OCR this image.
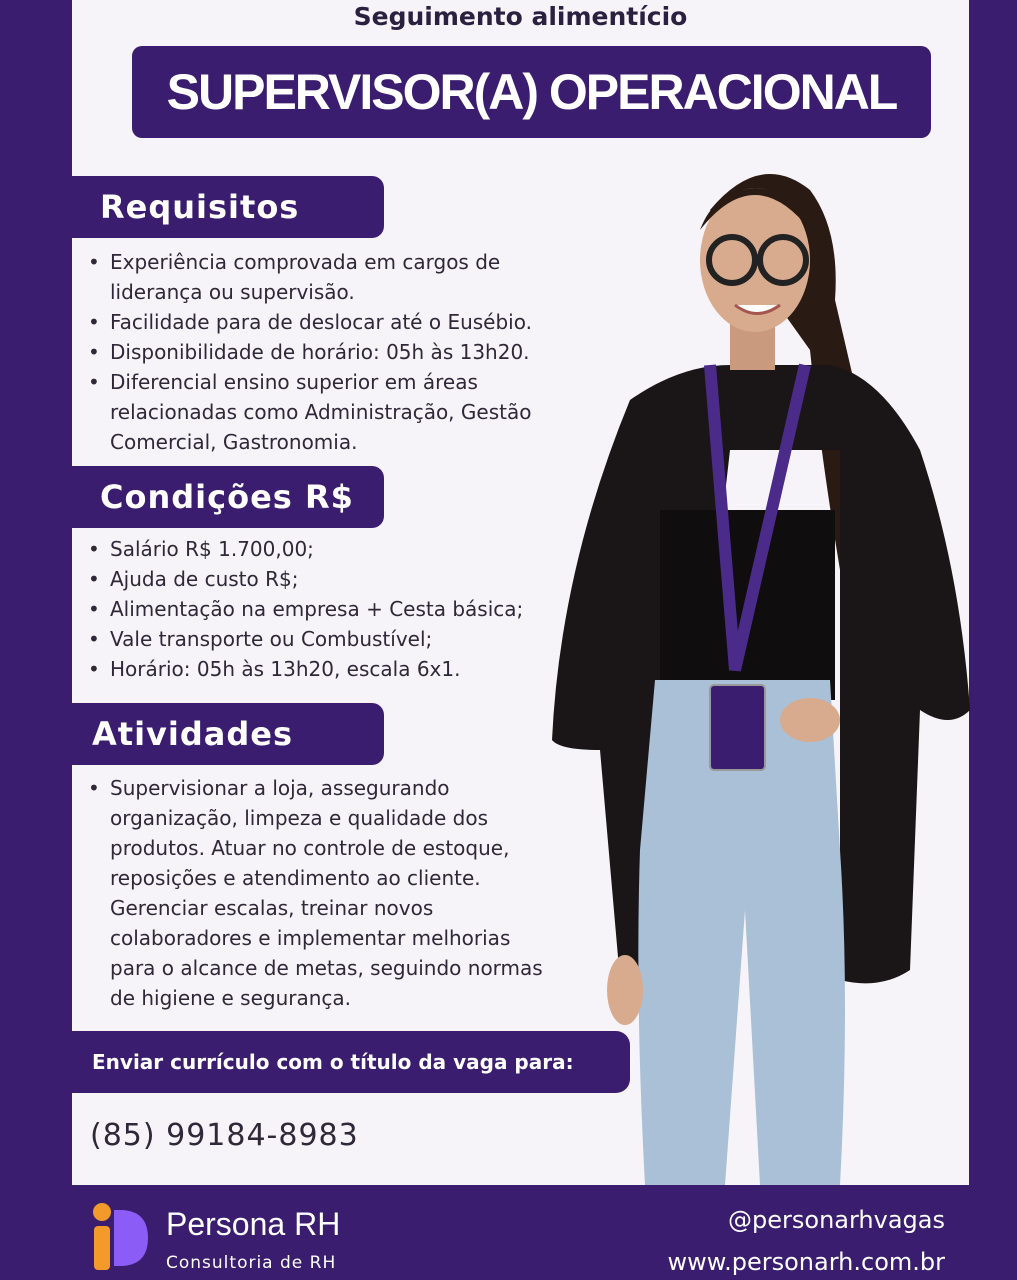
Seguimento alimentício
SUPERVISOR(A) OPERACIONAL
Requisitos
• Experiência comprovada em cargos de
liderança ou supervisão.
• Facilidade para de deslocar até o Eusébio.
• Disponibilidade de horário: 05h às 13h20.
• Diferencial ensino superior em áreas
relacionadas como Administração, Gestão
Comercial, Gastronomia.
Condições R$
• Salário R$ 1.700,00;
• Ajuda de custo R$;
• Alimentação na empresa + Cesta básica;
• Vale transporte ou Combustível;
• Horário: 05h às 13h20, escala 6x1.
Atividades
• Supervisionar a loja, assegurando
organização, limpeza e qualidade dos
produtos. Atuar no controle de estoque,
reposições e atendimento ao cliente.
Gerenciar escalas, treinar novos
colaboradores e implementar melhorias
para o alcance de metas, seguindo normas
de higiene e segurança.
Enviar currículo com o título da vaga para:
(85) 99184-8983
Persona RH
Consultoria de RH
@personarhvagas
www.personarh.com.br
